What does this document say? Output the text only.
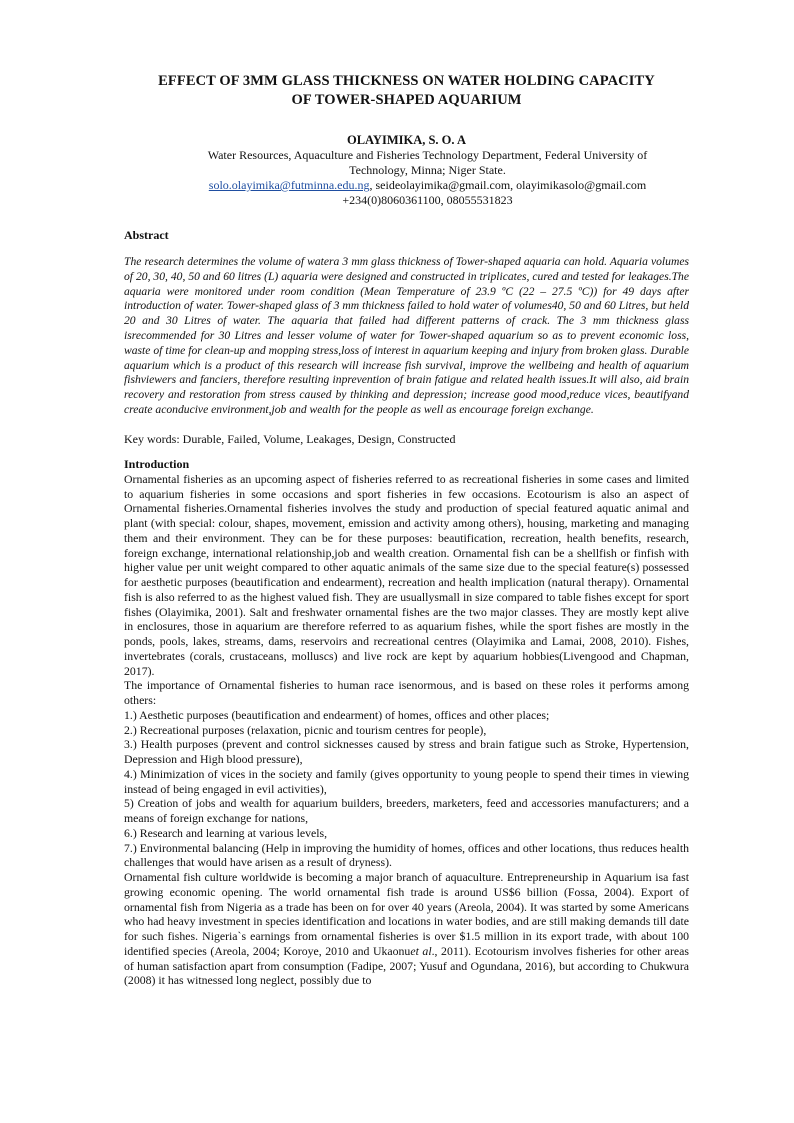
EFFECT OF 3MM GLASS THICKNESS ON WATER HOLDING CAPACITY
OF TOWER-SHAPED AQUARIUM
OLAYIMIKA, S. O. A
Water Resources, Aquaculture and Fisheries Technology Department, Federal University of
Technology, Minna; Niger State.
solo.olayimika@futminna.edu.ng, seideolayimika@gmail.com, olayimikasolo@gmail.com
+234(0)8060361100, 08055531823
Abstract

The research determines the volume of watera 3 mm glass thickness of Tower-shaped aquaria can hold. Aquaria volumes of 20, 30, 40, 50 and 60 litres (L) aquaria were designed and constructed in triplicates, cured and tested for leakages.The aquaria were monitored under room condition (Mean Temperature of 23.9 ºC (22 – 27.5 ºC)) for 49 days after introduction of water. Tower-shaped glass of 3 mm thickness failed to hold water of volumes40, 50 and 60 Litres, but held 20 and 30 Litres of water. The aquaria that failed had different patterns of crack. The 3 mm thickness glass isrecommended for 30 Litres and lesser volume of water for Tower-shaped aquarium so as to prevent economic loss, waste of time for clean-up and mopping stress,loss of interest in aquarium keeping and injury from broken glass. Durable aquarium which is a product of this research will increase fish survival, improve the wellbeing and health of aquarium fishviewers and fanciers, therefore resulting inprevention of brain fatigue and related health issues.It will also, aid brain recovery and restoration from stress caused by thinking and depression; increase good mood,reduce vices, beautifyand create aconducive environment,job and wealth for the people as well as encourage foreign exchange.

Key words: Durable, Failed, Volume, Leakages, Design, Constructed
Introduction

Ornamental fisheries as an upcoming aspect of fisheries referred to as recreational fisheries in some cases and limited to aquarium fisheries in some occasions and sport fisheries in few occasions. Ecotourism is also an aspect of Ornamental fisheries.Ornamental fisheries involves the study and production of special featured aquatic animal and plant (with special: colour, shapes, movement, emission and activity among others), housing, marketing and managing them and their environment. They can be for these purposes: beautification, recreation, health benefits, research, foreign exchange, international relationship,job and wealth creation. Ornamental fish can be a shellfish or finfish with higher value per unit weight compared to other aquatic animals of the same size due to the special feature(s) possessed for aesthetic purposes (beautification and endearment), recreation and health implication (natural therapy). Ornamental fish is also referred to as the highest valued fish. They are usuallysmall in size compared to table fishes except for sport fishes (Olayimika, 2001). Salt and freshwater ornamental fishes are the two major classes. They are mostly kept alive in enclosures, those in aquarium are therefore referred to as aquarium fishes, while the sport fishes are mostly in the ponds, pools, lakes, streams, dams, reservoirs and recreational centres (Olayimika and Lamai, 2008, 2010). Fishes, invertebrates (corals, crustaceans, molluscs) and live rock are kept by aquarium hobbies(Livengood and Chapman, 2017).

The importance of Ornamental fisheries to human race isenormous, and is based on these roles it performs among others:

1.) Aesthetic purposes (beautification and endearment) of homes, offices and other places;
2.) Recreational purposes (relaxation, picnic and tourism centres for people),
3.) Health purposes (prevent and control sicknesses caused by stress and brain fatigue such as Stroke, Hypertension, Depression and High blood pressure),
4.) Minimization of vices in the society and family (gives opportunity to young people to spend their times in viewing instead of being engaged in evil activities),
5) Creation of jobs and wealth for aquarium builders, breeders, marketers, feed and accessories manufacturers; and a means of foreign exchange for nations,
6.) Research and learning at various levels,
7.) Environmental balancing (Help in improving the humidity of homes, offices and other locations, thus reduces health challenges that would have arisen as a result of dryness).

Ornamental fish culture worldwide is becoming a major branch of aquaculture. Entrepreneurship in Aquarium isa fast growing economic opening. The world ornamental fish trade is around US$6 billion (Fossa, 2004). Export of ornamental fish from Nigeria as a trade has been on for over 40 years (Areola, 2004). It was started by some Americans who had heavy investment in species identification and locations in water bodies, and are still making demands till date for such fishes. Nigeria`s earnings from ornamental fisheries is over $1.5 million in its export trade, with about 100 identified species (Areola, 2004; Koroye, 2010 and Ukaonuet al., 2011). Ecotourism involves fisheries for other areas of human satisfaction apart from consumption (Fadipe, 2007; Yusuf and Ogundana, 2016), but according to Chukwura (2008) it has witnessed long neglect, possibly due to
